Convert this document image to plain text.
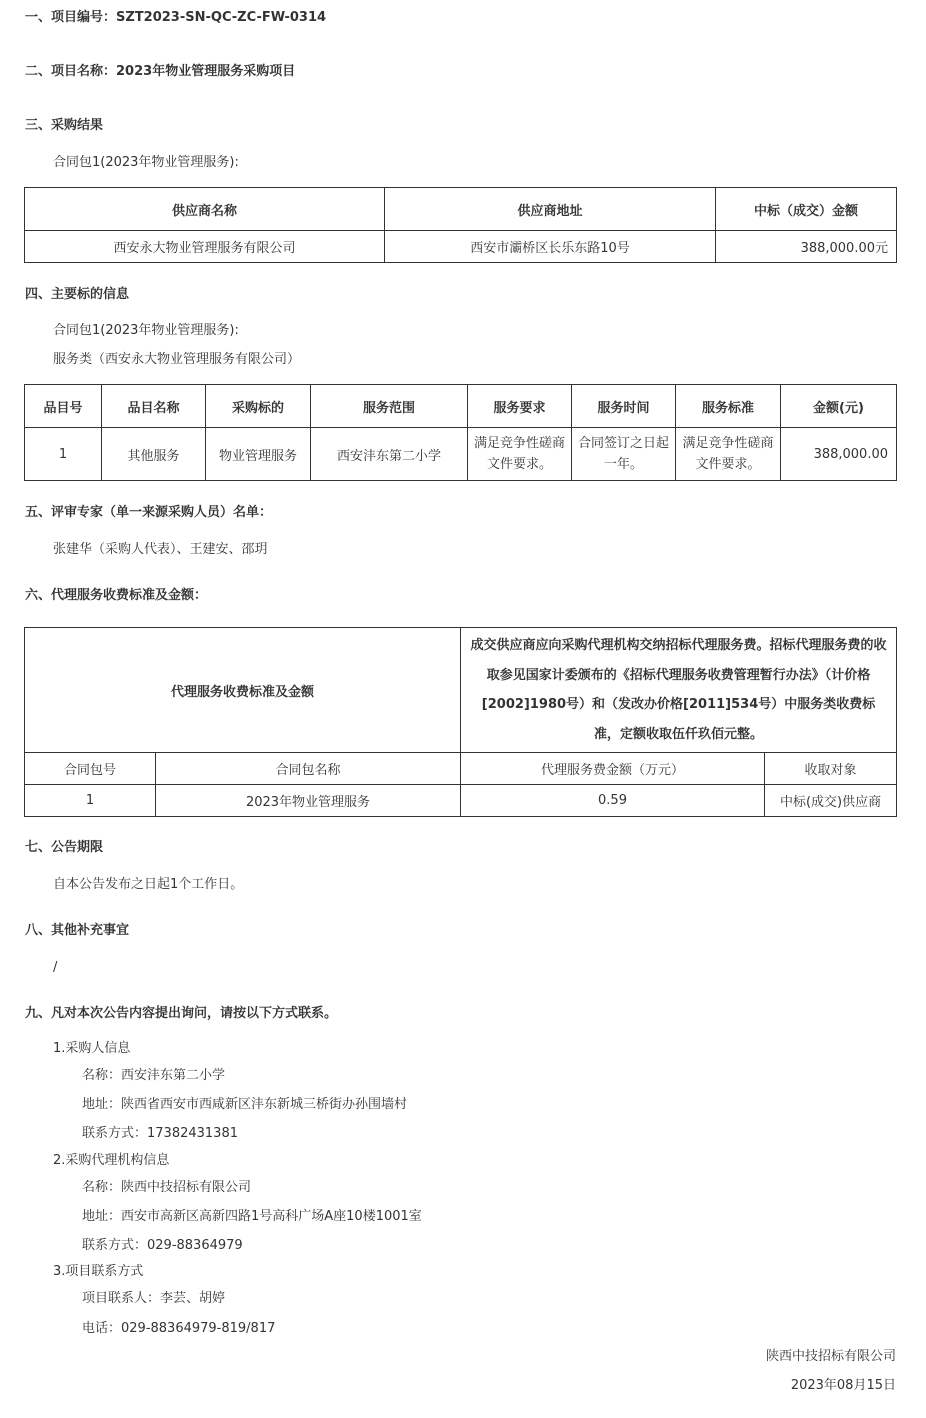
一、项目编号：SZT2023-SN-QC-ZC-FW-0314
二、项目名称：2023年物业管理服务采购项目
三、采购结果
合同包1(2023年物业管理服务):
供应商名称	供应商地址	中标（成交）金额
西安永大物业管理服务有限公司	西安市灞桥区长乐东路10号	388,000.00元
四、主要标的信息
合同包1(2023年物业管理服务):
服务类（西安永大物业管理服务有限公司）
品目号	品目名称	采购标的	服务范围	服务要求	服务时间	服务标准	金额(元)
1	其他服务	物业管理服务	西安沣东第二小学	满足竞争性磋商文件要求。	合同签订之日起一年。	满足竞争性磋商文件要求。	388,000.00
五、评审专家（单一来源采购人员）名单：
张建华（采购人代表）、王建安、邵玥
六、代理服务收费标准及金额：
代理服务收费标准及金额		成交供应商应向采购代理机构交纳招标代理服务费。招标代理服务费的收取参见国家计委颁布的《招标代理服务收费管理暂行办法》（计价格[2002]1980号）和（发改办价格[2011]534号）中服务类收费标准，定额收取伍仟玖佰元整。	
合同包号	合同包名称	代理服务费金额（万元）	收取对象
1	2023年物业管理服务	0.59	中标(成交)供应商
七、公告期限
自本公告发布之日起1个工作日。
八、其他补充事宜
/
九、凡对本次公告内容提出询问，请按以下方式联系。
1.采购人信息
名称：西安沣东第二小学
地址：陕西省西安市西咸新区沣东新城三桥街办孙围墙村
联系方式：17382431381
2.采购代理机构信息
名称：陕西中技招标有限公司
地址：西安市高新区高新四路1号高科广场A座10楼1001室
联系方式：029-88364979
3.项目联系方式
项目联系人：李芸、胡婷
电话：029-88364979-819/817
陕西中技招标有限公司
2023年08月15日
